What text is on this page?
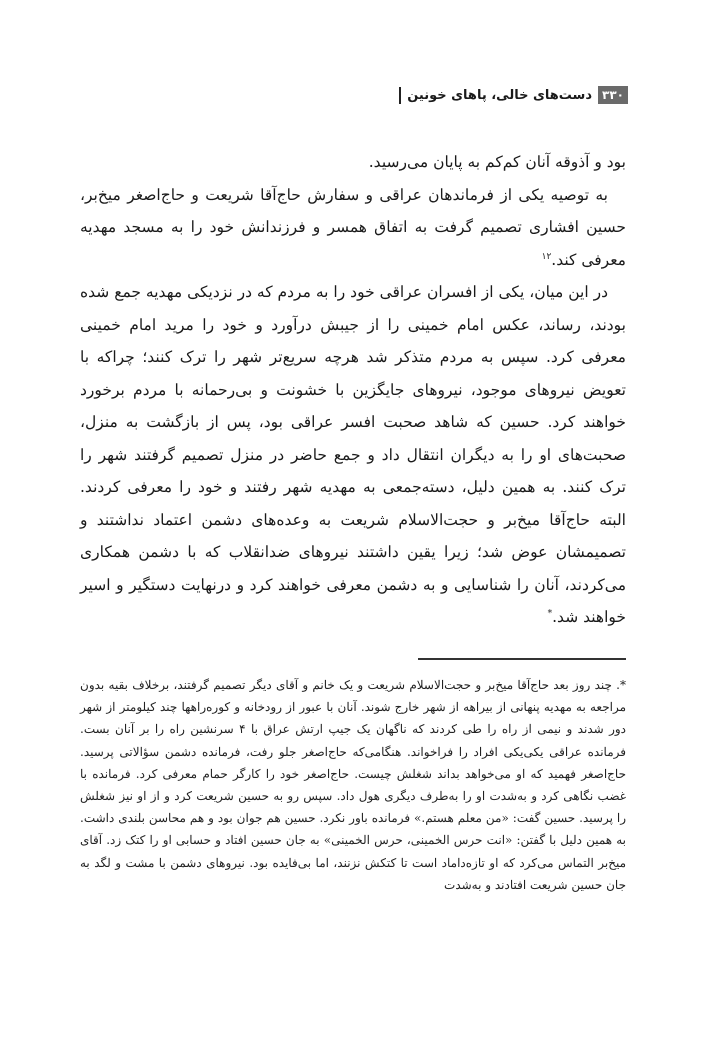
۳۳۰
دست‌های خالی، پاهای خونین

بود و آذوقه آنان کم‌کم به پایان می‌رسید.

به توصیه یکی از فرماندهان عراقی و سفارش حاج‌آقا شریعت و حاج‌اصغر میخ‌بر، حسین افشاری تصمیم گرفت به اتفاق همسر و فرزندانش خود را به مسجد مهدیه معرفی کند.$^{۱۲}$

در این میان، یکی از افسران عراقی خود را به مردم که در نزدیکی مهدیه جمع شده بودند، رساند، عکس امام خمینی را از جیبش درآورد و خود را مرید امام خمینی معرفی کرد. سپس به مردم متذکر شد هرچه سریع‌تر شهر را ترک کنند؛ چراکه با تعویض نیروهای موجود، نیروهای جایگزین با خشونت و بی‌رحمانه با مردم برخورد خواهند کرد. حسین که شاهد صحبت افسر عراقی بود، پس از بازگشت به منزل، صحبت‌های او را به دیگران انتقال داد و جمع حاضر در منزل تصمیم گرفتند شهر را ترک کنند. به همین دلیل، دسته‌جمعی به مهدیه شهر رفتند و خود را معرفی کردند. البته حاج‌آقا میخ‌بر و حجت‌الاسلام شریعت به وعده‌های دشمن اعتماد نداشتند و تصمیمشان عوض شد؛ زیرا یقین داشتند نیروهای ضدانقلاب که با دشمن همکاری می‌کردند، آنان را شناسایی و به دشمن معرفی خواهند کرد و درنهایت دستگیر و اسیر خواهند شد.*

*. چند روز بعد حاج‌آقا میخ‌بر و حجت‌الاسلام شریعت و یک خانم و آقای دیگر تصمیم گرفتند، برخلاف بقیه بدون مراجعه به مهدیه پنهانی از بیراهه از شهر خارج شوند. آنان با عبور از رودخانه و کوره‌راهها چند کیلومتر از شهر دور شدند و نیمی از راه را طی کردند که ناگهان یک جیپ ارتش عراق با ۴ سرنشین راه را بر آنان بست. فرمانده عراقی یکی‌یکی افراد را فراخواند. هنگامی‌که حاج‌اصغر جلو رفت، فرمانده دشمن سؤالاتی پرسید. حاج‌اصغر فهمید که او می‌خواهد بداند شغلش چیست. حاج‌اصغر خود را کارگر حمام معرفی کرد. فرمانده با غضب نگاهی کرد و به‌شدت او را به‌طرف دیگری هول داد. سپس رو به حسین شریعت کرد و از او نیز شغلش را پرسید. حسین گفت: «من معلم هستم.» فرمانده باور نکرد. حسین هم جوان بود و هم محاسن بلندی داشت. به همین دلیل با گفتن: «انت حرس الخمینی، حرس الخمینی» به جان حسین افتاد و حسابی او را کتک زد. آقای میخ‌بر التماس می‌کرد که او تازه‌داماد است تا کتکش نزنند، اما بی‌فایده بود. نیروهای دشمن با مشت و لگد به جان حسین شریعت افتادند و به‌شدت
